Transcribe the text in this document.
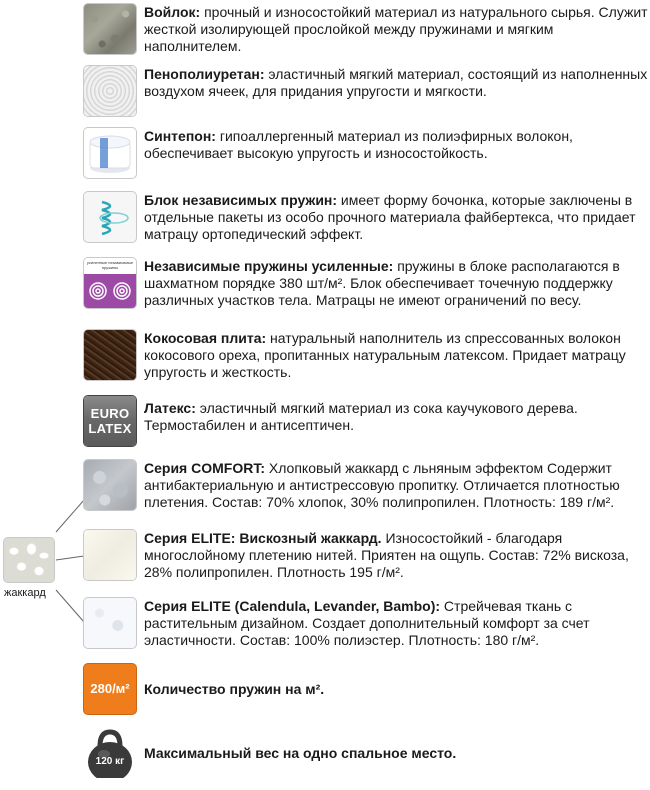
Войлок: прочный и износостойкий материал из натурального сырья. Служит жесткой изолирующей прослойкой между пружинами и мягким наполнителем.
Пенополиуретан: эластичный мягкий материал, состоящий из наполненных воздухом ячеек, для придания упругости и мягкости.
Синтепон: гипоаллергенный материал из полиэфирных волокон, обеспечивает высокую упругость и износостойкость.
Блок независимых пружин: имеет форму бочонка, которые заключены в отдельные пакеты из особо прочного материала файбертекса, что придает матрацу ортопедический эффект.
усиленные независимые пружины	Независимые пружины усиленные: пружины в блоке располагаются в шахматном порядке 380 шт/м². Блок обеспечивает точечную поддержку различных участков тела. Матрацы не имеют ограничений по весу.
Кокосовая плита: натуральный наполнитель из спрессованных волокон кокосового ореха, пропитанных натуральным латексом. Придает матрацу упругость и жесткость.
EURO LATEX
Латекс: эластичный мягкий материал из сока каучукового дерева. Термостабилен и антисептичен.
Серия COMFORT: Хлопковый жаккард с льняным эффектом Содержит антибактериальную и антистрессовую пропитку. Отличается плотностью плетения. Состав: 70% хлопок, 30% полипропилен. Плотность: 189 г/м².
Серия ELITE: Вискозный жаккард. Износостойкий - благодаря многослойному плетению нитей. Приятен на ощупь. Состав: 72% вискоза, 28% полипропилен. Плотность 195 г/м².
Серия ELITE (Calendula, Levander, Bambo): Стрейчевая ткань с растительным дизайном. Создает дополнительный комфорт за счет эластичности. Состав: 100% полиэстер. Плотность: 180 г/м².
280/м²	Количество пружин на м².
120 кг
Максимальный вес на одно спальное место.
жаккард
